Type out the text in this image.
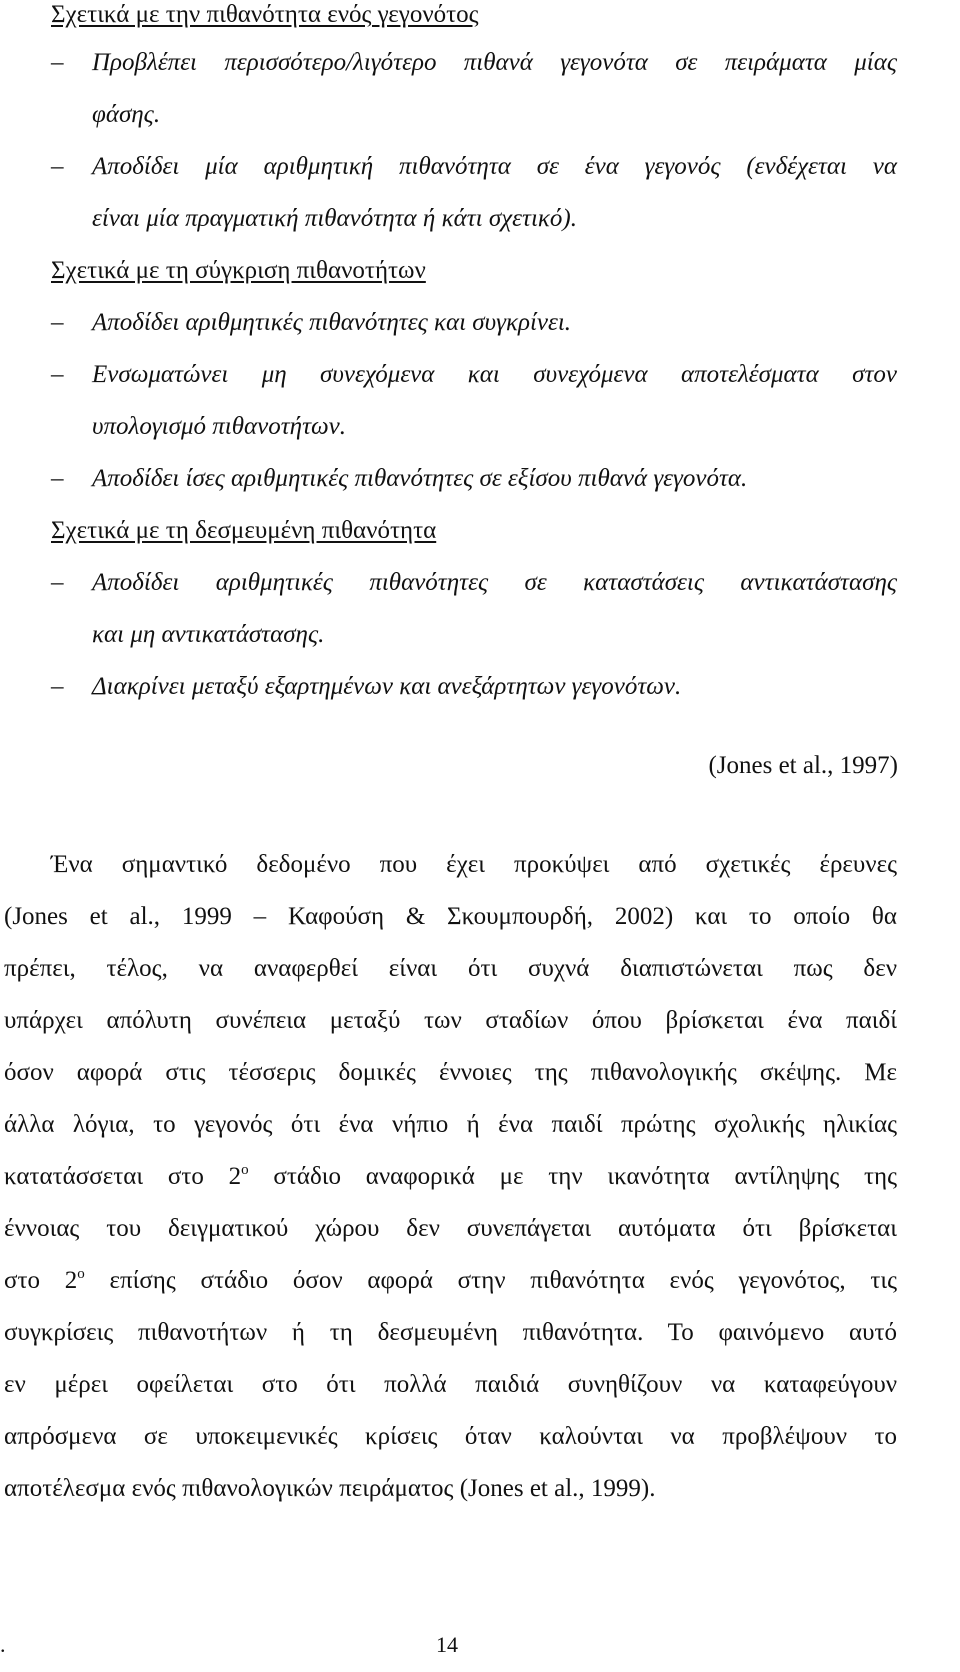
Σχετικά με την πιθανότητα ενός γεγονότος
– Προβλέπει περισσότερο/λιγότερο πιθανά γεγονότα σε πειράματα μίας
φάσης.
– Αποδίδει μία αριθμητική πιθανότητα σε ένα γεγονός (ενδέχεται να
είναι μία πραγματική πιθανότητα ή κάτι σχετικό).
Σχετικά με τη σύγκριση πιθανοτήτων
– Αποδίδει αριθμητικές πιθανότητες και συγκρίνει.
– Ενσωματώνει μη συνεχόμενα και συνεχόμενα αποτελέσματα στον
υπολογισμό πιθανοτήτων.
– Αποδίδει ίσες αριθμητικές πιθανότητες σε εξίσου πιθανά γεγονότα.
Σχετικά με τη δεσμευμένη πιθανότητα
– Αποδίδει αριθμητικές πιθανότητες σε καταστάσεις αντικατάστασης
και μη αντικατάστασης.
– Διακρίνει μεταξύ εξαρτημένων και ανεξάρτητων γεγονότων.
(Jones et al., 1997)
Ένα σημαντικό δεδομένο που έχει προκύψει από σχετικές έρευνες
(Jones et al., 1999 – Καφούση & Σκουμπουρδή, 2002) και το οποίο θα
πρέπει, τέλος, να αναφερθεί είναι ότι συχνά διαπιστώνεται πως δεν
υπάρχει απόλυτη συνέπεια μεταξύ των σταδίων όπου βρίσκεται ένα παιδί
όσον αφορά στις τέσσερις δομικές έννοιες της πιθανολογικής σκέψης. Με
άλλα λόγια, το γεγονός ότι ένα νήπιο ή ένα παιδί πρώτης σχολικής ηλικίας
κατατάσσεται στο $2^o$ στάδιο αναφορικά με την ικανότητα αντίληψης της
έννοιας του δειγματικού χώρου δεν συνεπάγεται αυτόματα ότι βρίσκεται
στο $2^o$ επίσης στάδιο όσον αφορά στην πιθανότητα ενός γεγονότος, τις
συγκρίσεις πιθανοτήτων ή τη δεσμευμένη πιθανότητα. Το φαινόμενο αυτό
εν μέρει οφείλεται στο ότι πολλά παιδιά συνηθίζουν να καταφεύγουν
απρόσμενα σε υποκειμενικές κρίσεις όταν καλούνται να προβλέψουν το
αποτέλεσμα ενός πιθανολογικών πειράματος (Jones et al., 1999).
.	14
